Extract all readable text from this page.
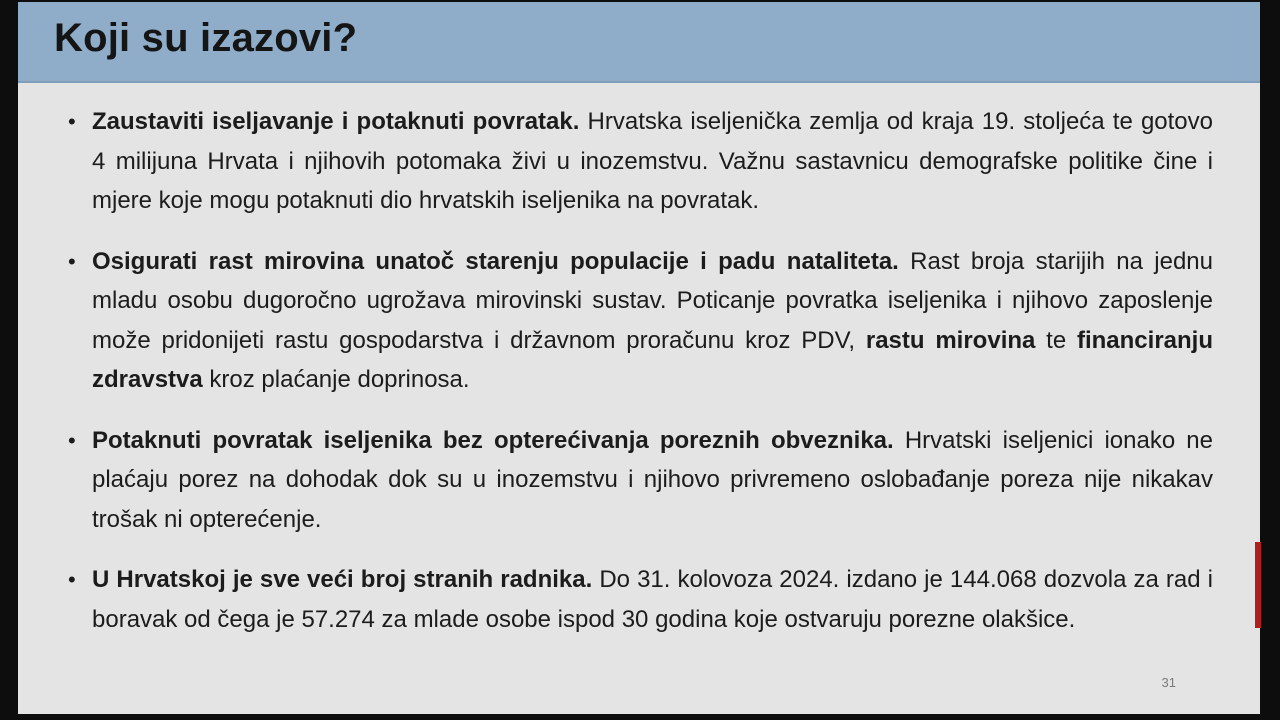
Koji su izazovi?
• Zaustaviti iseljavanje i potaknuti povratak. Hrvatska iseljenička zemlja od kraja 19. stoljeća te gotovo 4 milijuna Hrvata i njihovih potomaka živi u inozemstvu. Važnu sastavnicu demografske politike čine i mjere koje mogu potaknuti dio hrvatskih iseljenika na povratak.
• Osigurati rast mirovina unatoč starenju populacije i padu nataliteta. Rast broja starijih na jednu mladu osobu dugoročno ugrožava mirovinski sustav. Poticanje povratka iseljenika i njihovo zaposlenje može pridonijeti rastu gospodarstva i državnom proračunu kroz PDV, rastu mirovina te financiranju zdravstva kroz plaćanje doprinosa.
• Potaknuti povratak iseljenika bez opterećivanja poreznih obveznika. Hrvatski iseljenici ionako ne plaćaju porez na dohodak dok su u inozemstvu i njihovo privremeno oslobađanje poreza nije nikakav trošak ni opterećenje.
• U Hrvatskoj je sve veći broj stranih radnika. Do 31. kolovoza 2024. izdano je 144.068 dozvola za rad i boravak od čega je 57.274 za mlade osobe ispod 30 godina koje ostvaruju porezne olakšice.
31
